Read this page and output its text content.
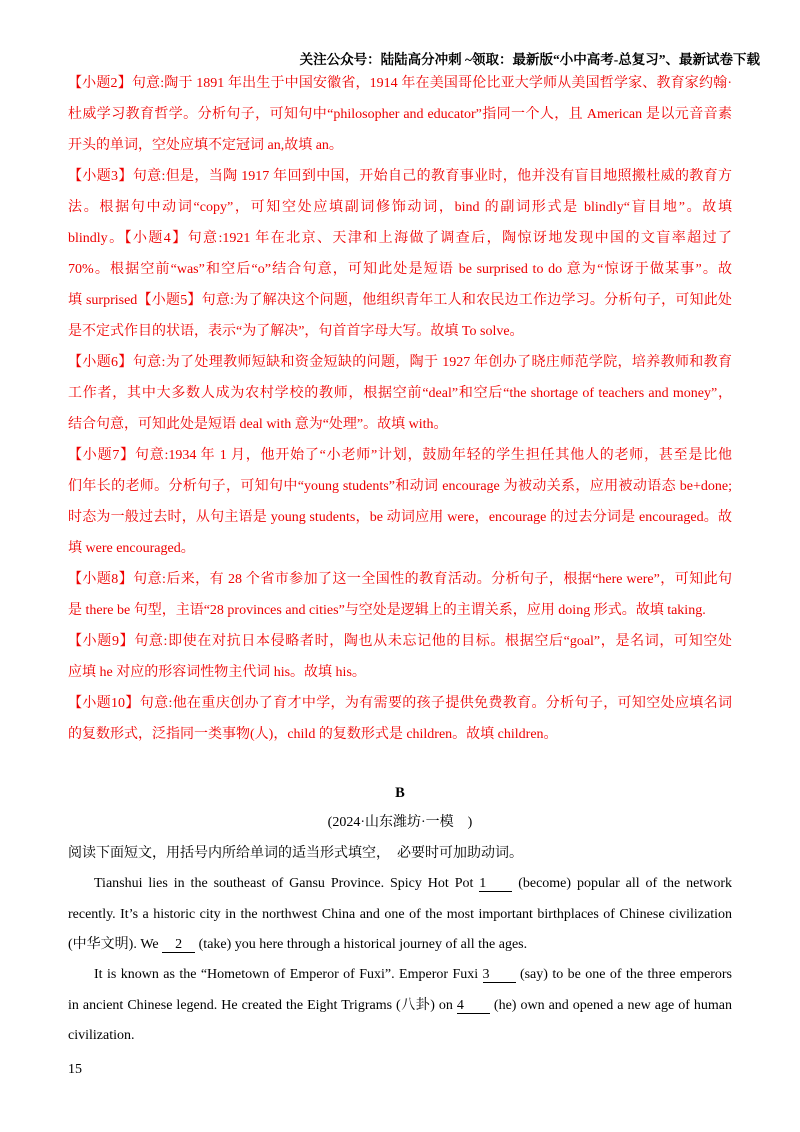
关注公众号：陆陆高分冲刺 ~领取：最新版“小中高考-总复习”、最新试卷下载
【小题2】句意:陶于 1891 年出生于中国安徽省，1914 年在美国哥伦比亚大学师从美国哲学家、教育家约翰·
杜威学习教育哲学。分析句子，可知句中“philosopher and educator”指同一个人，且 American 是以元音音素
开头的单词，空处应填不定冠词 an,故填 an。
【小题3】句意:但是，当陶 1917 年回到中国，开始自己的教育事业时，他并没有盲目地照搬杜威的教育方
法。根据句中动词“copy”，可知空处应填副词修饰动词，bind 的副词形式是 blindly“盲目地”。故填
blindly。【小题4】句意:1921 年在北京、天津和上海做了调查后，陶惊讶地发现中国的文盲率超过了
70%。根据空前“was”和空后“o”结合句意，可知此处是短语 be surprised to do 意为“惊讶于做某事”。故
填 surprised【小题5】句意:为了解决这个问题，他组织青年工人和农民边工作边学习。分析句子，可知此处
是不定式作目的状语，表示“为了解决”，句首首字母大写。故填 To solve。
【小题6】句意:为了处理教师短缺和资金短缺的问题，陶于 1927 年创办了晓庄师范学院，培养教师和教育
工作者，其中大多数人成为农村学校的教师，根据空前“deal”和空后“the shortage of teachers and money”，
结合句意，可知此处是短语 deal with 意为“处理”。故填 with。
【小题7】句意:1934 年 1 月，他开始了“小老师”计划，鼓励年轻的学生担任其他人的老师，甚至是比他
们年长的老师。分析句子，可知句中“young students”和动词 encourage 为被动关系，应用被动语态 be+done;
时态为一般过去时，从句主语是 young students，be 动词应用 were，encourage 的过去分词是 encouraged。故
填 were encouraged。
【小题8】句意:后来，有 28 个省市参加了这一全国性的教育活动。分析句子，根据“here were”，可知此句
是 there be 句型，主语“28 provinces and cities”与空处是逻辑上的主谓关系，应用 doing 形式。故填 taking.
【小题9】句意:即使在对抗日本侵略者时，陶也从未忘记他的目标。根据空后“goal”，是名词，可知空处
应填 he 对应的形容词性物主代词 his。故填 his。
【小题10】句意:他在重庆创办了育才中学，为有需要的孩子提供免费教育。分析句子，可知空处应填名词
的复数形式，泛指同一类事物(人)，child 的复数形式是 children。故填 children。
B
(2024·山东潍坊·一模　)
阅读下面短文，用括号内所给单词的适当形式填空，  必要时可加助动词。
Tianshui lies in the southeast of Gansu Province. Spicy Hot Pot 1 (become) popular all of the network
recently. It’s a historic city in the northwest China and one of the most important birthplaces of Chinese civilization
(中华文明). We 2 (take) you here through a historical journey of all the ages.
It is known as the “Hometown of Emperor of Fuxi”. Emperor Fuxi 3 (say) to be one of the three emperors
in ancient Chinese legend. He created the Eight Trigrams (八卦) on 4 (he) own and opened a new age of human
civilization.
15
